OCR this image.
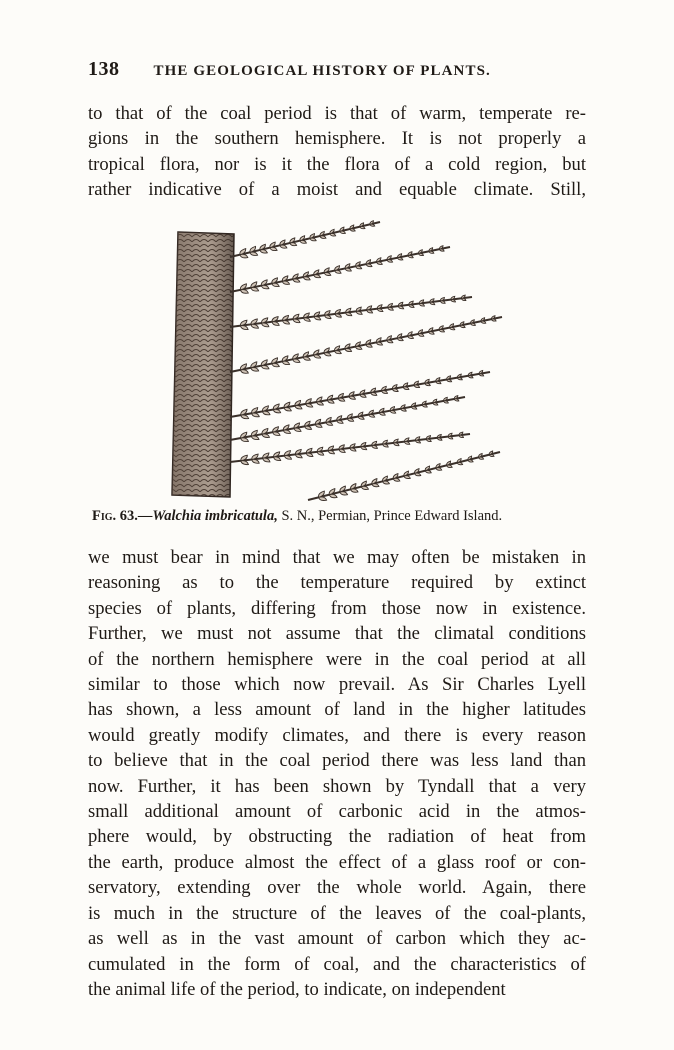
138 THE GEOLOGICAL HISTORY OF PLANTS.
to that of the coal period is that of warm, temperate re-
gions in the southern hemisphere. It is not properly a
tropical flora, nor is it the flora of a cold region, but
rather indicative of a moist and equable climate. Still,
Fig. 63.—Walchia imbricatula, S. N., Permian, Prince Edward Island.
we must bear in mind that we may often be mistaken in
reasoning as to the temperature required by extinct
species of plants, differing from those now in existence.
Further, we must not assume that the climatal conditions
of the northern hemisphere were in the coal period at all
similar to those which now prevail. As Sir Charles Lyell
has shown, a less amount of land in the higher latitudes
would greatly modify climates, and there is every reason
to believe that in the coal period there was less land than
now. Further, it has been shown by Tyndall that a very
small additional amount of carbonic acid in the atmos-
phere would, by obstructing the radiation of heat from
the earth, produce almost the effect of a glass roof or con-
servatory, extending over the whole world. Again, there
is much in the structure of the leaves of the coal-plants,
as well as in the vast amount of carbon which they ac-
cumulated in the form of coal, and the characteristics of
the animal life of the period, to indicate, on independent
